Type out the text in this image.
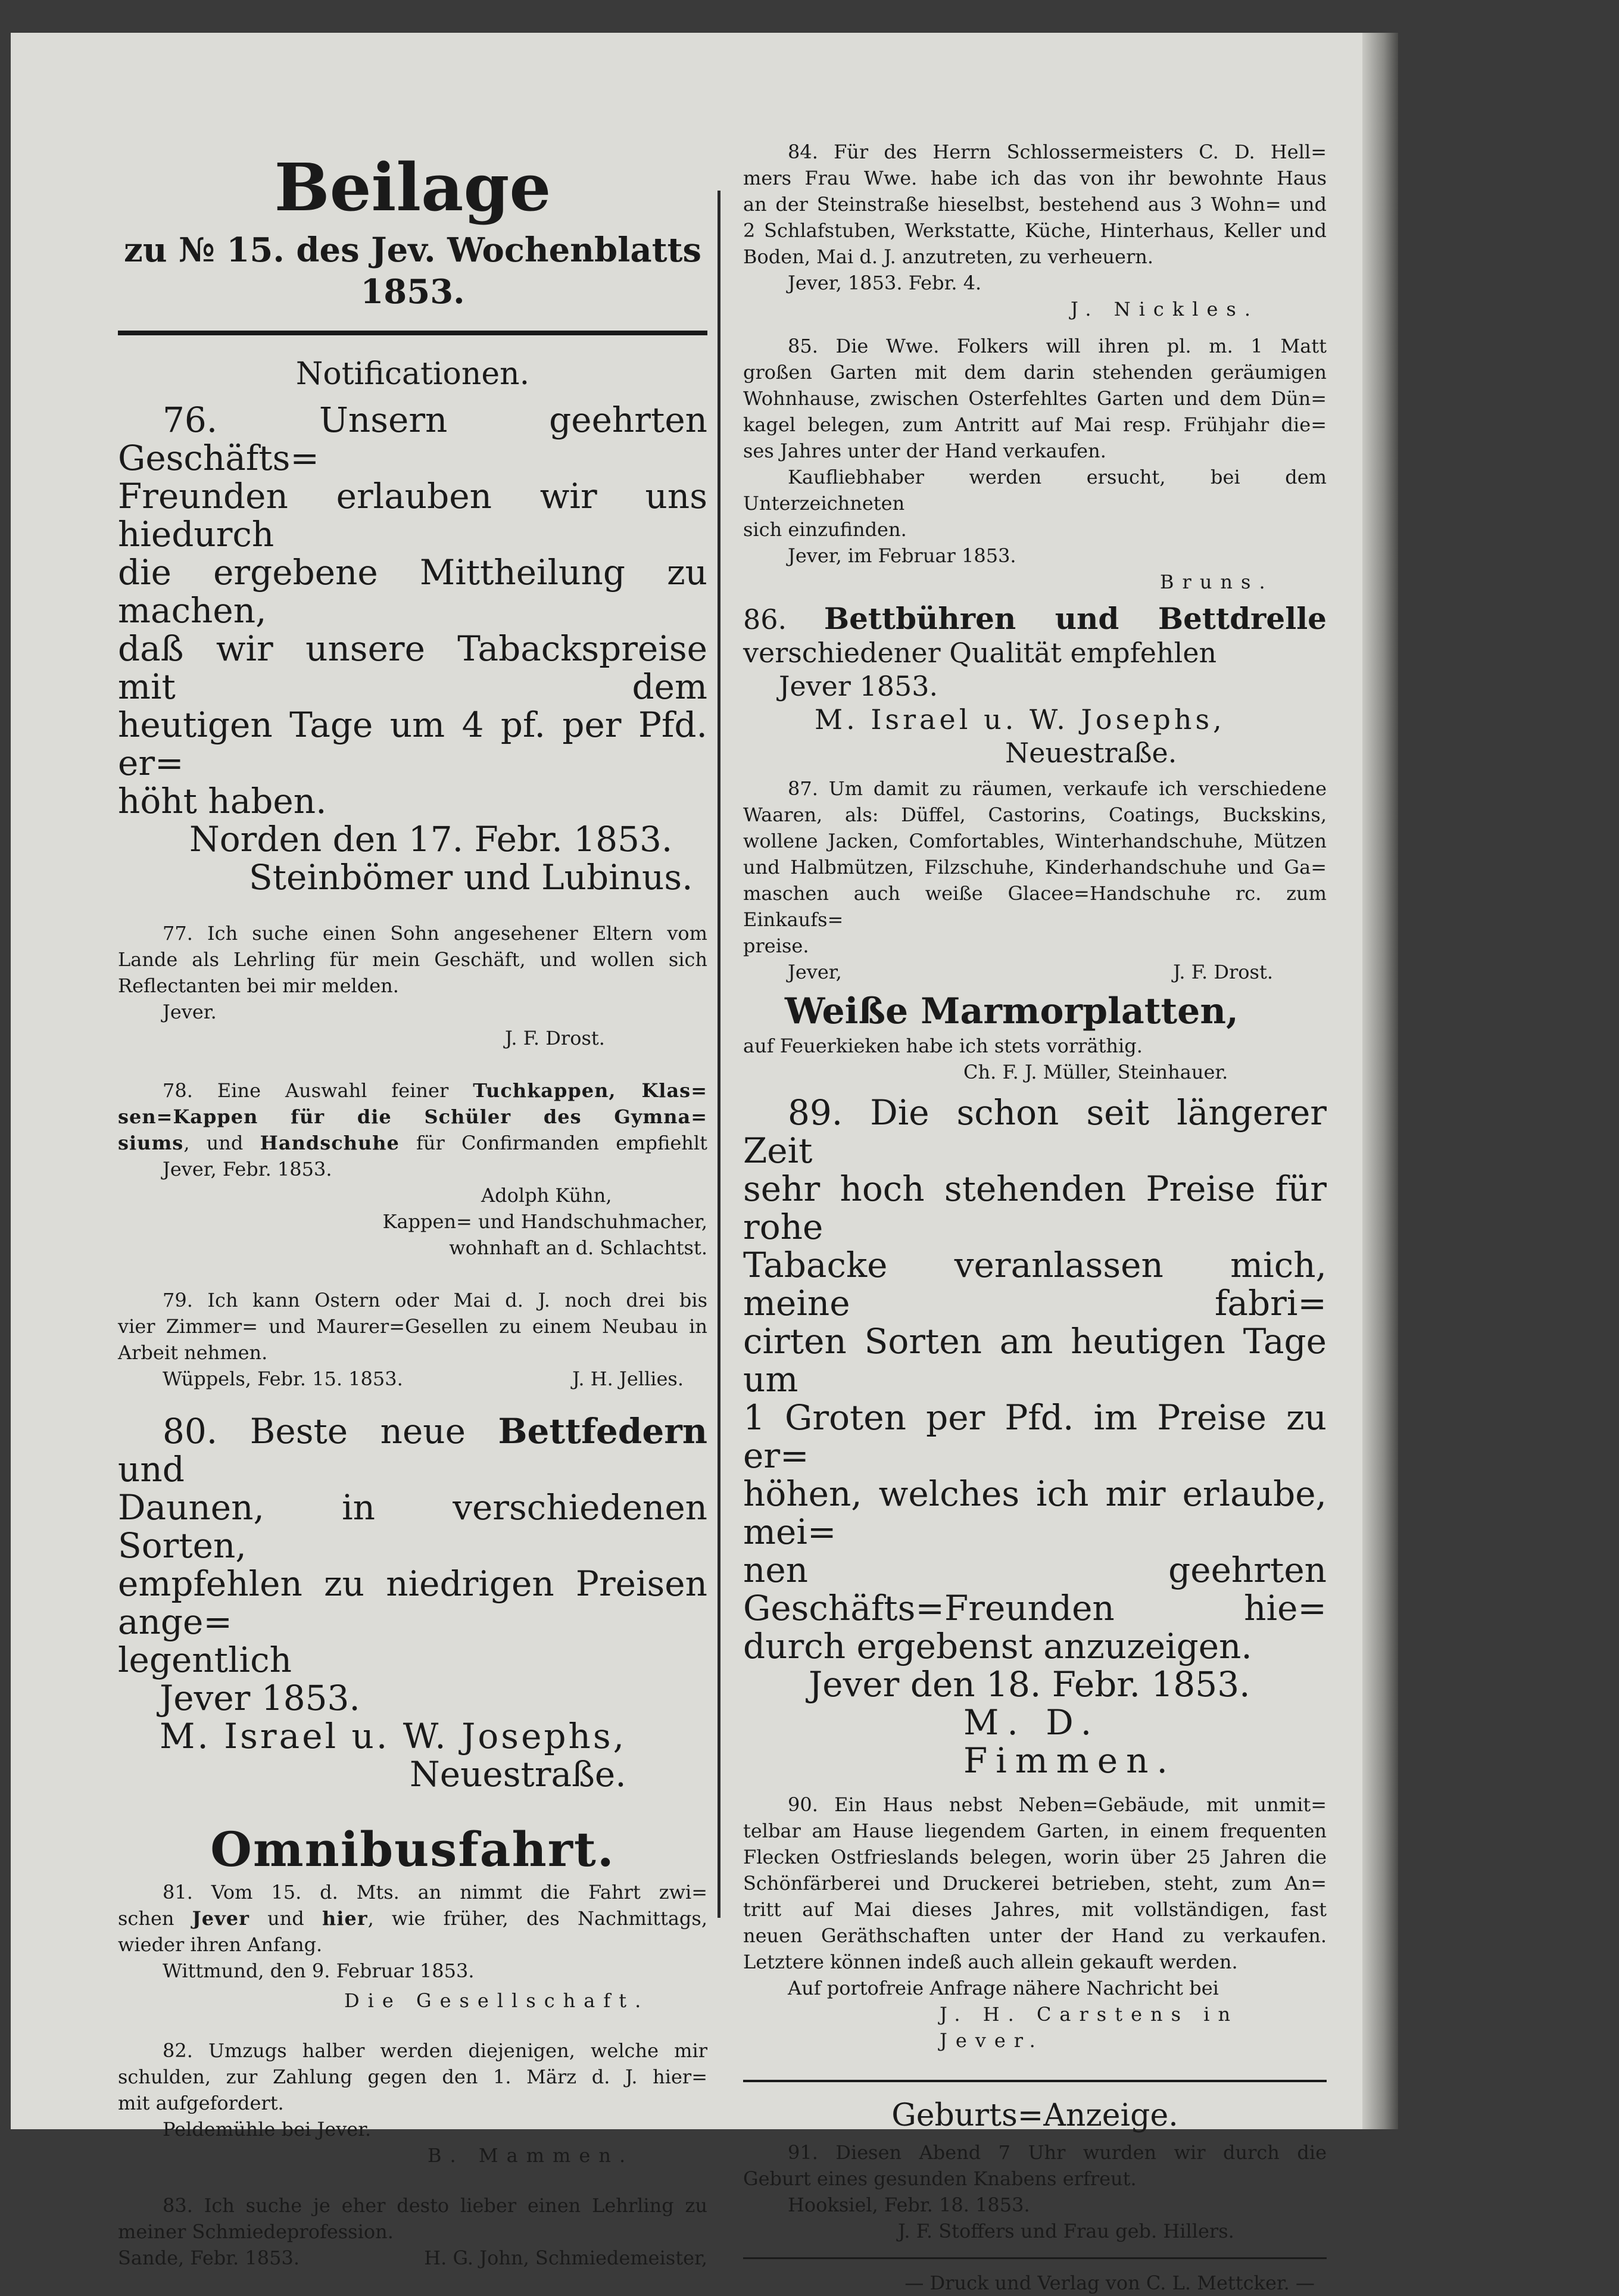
Beilage
zu № 15. des Jev. Wochenblatts 1853.
Notificationen.
76. Unsern geehrten Geschäfts=
Freunden erlauben wir uns hiedurch
die ergebene Mittheilung zu machen,
daß wir unsere Tabackspreise mit dem
heutigen Tage um 4 pf. per Pfd. er=
höht haben.
Norden den 17. Febr. 1853.
Steinbömer und Lubinus.
77. Ich suche einen Sohn angesehener Eltern vom
Lande als Lehrling für mein Geschäft, und wollen sich
Reflectanten bei mir melden.
Jever.
J. F. Drost.
78. Eine Auswahl feiner Tuchkappen, Klas=
sen=Kappen für die Schüler des Gymna=
siums, und Handschuhe für Confirmanden empfiehlt
Jever, Febr. 1853.
Adolph Kühn,
Kappen= und Handschuhmacher,
wohnhaft an d. Schlachtst.
79. Ich kann Ostern oder Mai d. J. noch drei bis
vier Zimmer= und Maurer=Gesellen zu einem Neubau in
Arbeit nehmen.
Wüppels, Febr. 15. 1853.	J. H. Jellies.
80. Beste neue Bettfedern und
Daunen, in verschiedenen Sorten,
empfehlen zu niedrigen Preisen ange=
legentlich
Jever 1853.
M. Israel u. W. Josephs,
Neuestraße.
Omnibusfahrt.
81. Vom 15. d. Mts. an nimmt die Fahrt zwi=
schen Jever und hier, wie früher, des Nachmittags,
wieder ihren Anfang.
Wittmund, den 9. Februar 1853.
Die Gesellschaft.
82. Umzugs halber werden diejenigen, welche mir
schulden, zur Zahlung gegen den 1. März d. J. hier=
mit aufgefordert.
Peldemühle bei Jever.
B. Mammen.
83. Ich suche je eher desto lieber einen Lehrling zu
meiner Schmiedeprofession.
Sande, Febr. 1853.	H. G. John, Schmiedemeister,
84. Für des Herrn Schlossermeisters C. D. Hell=
mers Frau Wwe. habe ich das von ihr bewohnte Haus
an der Steinstraße hieselbst, bestehend aus 3 Wohn= und
2 Schlafstuben, Werkstatte, Küche, Hinterhaus, Keller und
Boden, Mai d. J. anzutreten, zu verheuern.
Jever, 1853. Febr. 4.
J. Nickles.
85. Die Wwe. Folkers will ihren pl. m. 1 Matt
großen Garten mit dem darin stehenden geräumigen
Wohnhause, zwischen Osterfehltes Garten und dem Dün=
kagel belegen, zum Antritt auf Mai resp. Frühjahr die=
ses Jahres unter der Hand verkaufen.
Kaufliebhaber werden ersucht, bei dem Unterzeichneten
sich einzufinden.
Jever, im Februar 1853.
Bruns.
86. Bettbühren und Bettdrelle
verschiedener Qualität empfehlen
Jever 1853.
M. Israel u. W. Josephs,
Neuestraße.
87. Um damit zu räumen, verkaufe ich verschiedene
Waaren, als: Düffel, Castorins, Coatings, Buckskins,
wollene Jacken, Comfortables, Winterhandschuhe, Mützen
und Halbmützen, Filzschuhe, Kinderhandschuhe und Ga=
maschen auch weiße Glacee=Handschuhe rc. zum Einkaufs=
preise.
Jever,	J. F. Drost.
Weiße Marmorplatten,
auf Feuerkieken habe ich stets vorräthig.
Ch. F. J. Müller, Steinhauer.
89. Die schon seit längerer Zeit
sehr hoch stehenden Preise für rohe
Tabacke veranlassen mich, meine fabri=
cirten Sorten am heutigen Tage um
1 Groten per Pfd. im Preise zu er=
höhen, welches ich mir erlaube, mei=
nen geehrten Geschäfts=Freunden hie=
durch ergebenst anzuzeigen.
Jever den 18. Febr. 1853.
M. D. Fimmen.
90. Ein Haus nebst Neben=Gebäude, mit unmit=
telbar am Hause liegendem Garten, in einem frequenten
Flecken Ostfrieslands belegen, worin über 25 Jahren die
Schönfärberei und Druckerei betrieben, steht, zum An=
tritt auf Mai dieses Jahres, mit vollständigen, fast
neuen Geräthschaften unter der Hand zu verkaufen.
Letztere können indeß auch allein gekauft werden.
Auf portofreie Anfrage nähere Nachricht bei
J. H. Carstens in Jever.
Geburts=Anzeige.
91. Diesen Abend 7 Uhr wurden wir durch die
Geburt eines gesunden Knabens erfreut.
Hooksiel, Febr. 18. 1853.
J. F. Stoffers und Frau geb. Hillers.
— Druck und Verlag von C. L. Mettcker. —
